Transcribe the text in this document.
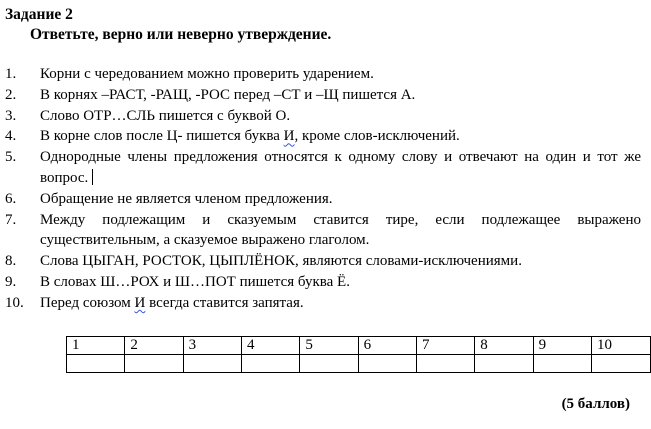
Задание 2
Ответьте, верно или неверно утверждение.
1.	Корни с чередованием можно проверить ударением.
2.	В корнях –РАСТ, -РАЩ, -РОС перед –СТ и –Щ пишется А.
3.	Слово ОТР…СЛЬ пишется с буквой О.
4.	В корне слов после Ц- пишется буква И, кроме слов-исключений.
5.	Однородные члены предложения относятся к одному слову и отвечают на один и тот же вопрос.
6.	Обращение не является членом предложения.
7.	Между подлежащим и сказуемым ставится тире, если подлежащее выражено существительным, а сказуемое выражено глаголом.
8.	Слова ЦЫГАН, РОСТОК, ЦЫПЛЁНОК, являются словами-исключениями.
9.	В словах Ш…РОХ и Ш…ПОТ пишется буква Ё.
10.	Перед союзом И всегда ставится запятая.
1	2	3	4	5	6	7	8	9	10

(5 баллов)
